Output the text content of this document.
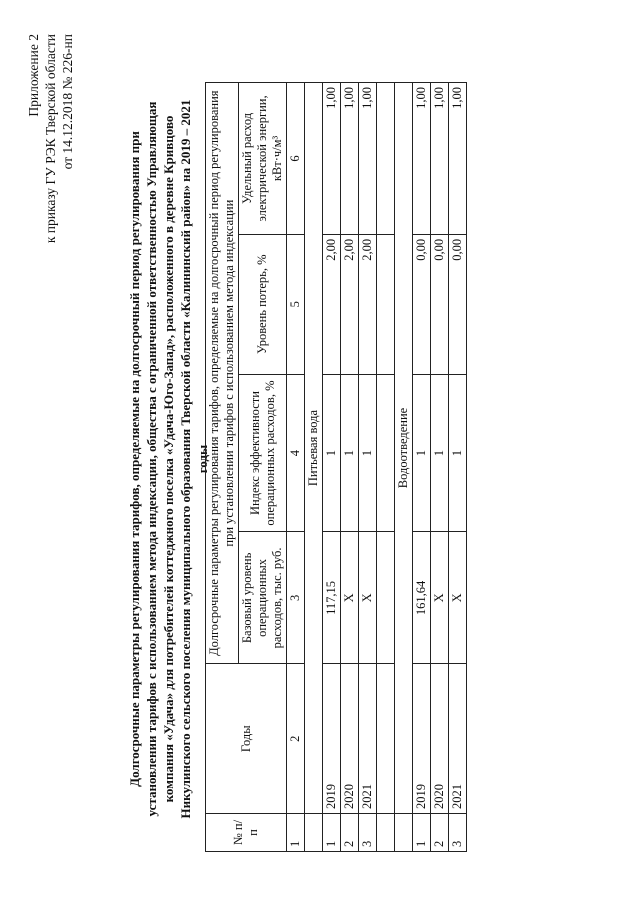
Приложение 2 к приказу ГУ РЭК Тверской области от 14.12.2018 № 226-нп
Долгосрочные параметры регулирования тарифов, определяемые на долгосрочный период регулирования при установлении тарифов с использованием метода индексации, общества с ограниченной ответственностью Управляющая компания «Удача» для потребителей коттеджного поселка «Удача-Юго-Запад», расположенного в деревне Кривцово Никулинского сельского поселения муниципального образования Тверской области «Калининский район» на 2019 – 2021 годы
№ п/п	Годы	Долгосрочные параметры регулирования тарифов, определяемые на долгосрочный период регулирования при установлении тарифов с использованием метода индексации			
		Базовый уровень операционных расходов, тыс. руб.	Индекс эффективности операционных расходов, %	Уровень потерь, %	Удельный расход электрической энергии, кВт·ч/м³
1	2	3	4	5	6
	Питьевая вода				
1	2019	117,15	1	2,00	1,00
2	2020	Х	1	2,00	1,00
3	2021	Х	1	2,00	1,00

	Водоотведение				
1	2019	161,64	1	0,00	1,00
2	2020	Х	1	0,00	1,00
3	2021	Х	1	0,00	1,00
